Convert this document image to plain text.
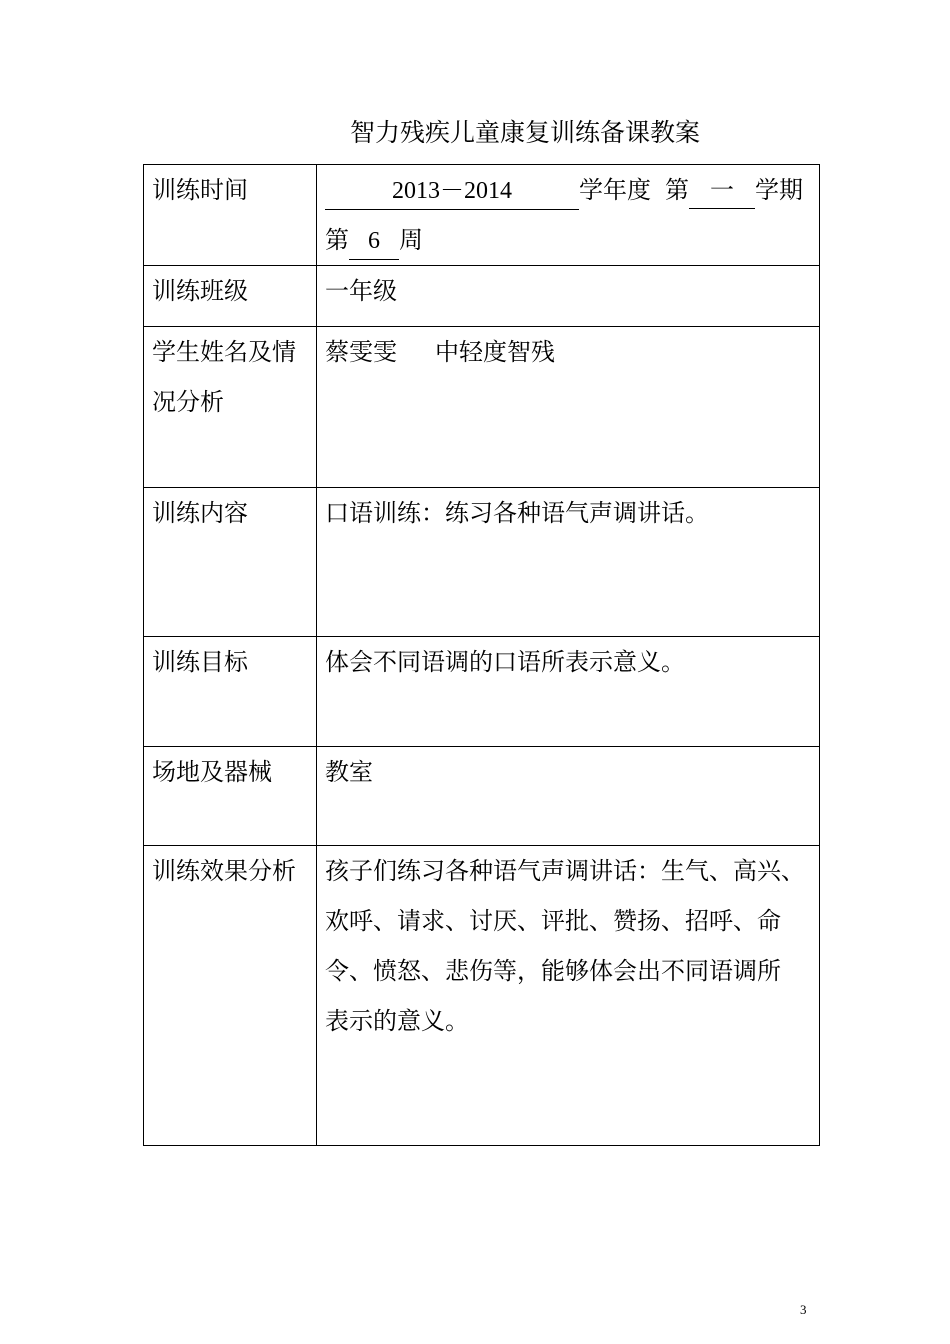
智力残疾儿童康复训练备课教案
训练时间	2013－2014 学年度 第 一 学期
第 6 周

训练班级	一年级

学生姓名及情
况分析	蔡雯雯 中轻度智残
训练内容	口语训练：练习各种语气声调讲话。
训练目标	体会不同语调的口语所表示意义。
场地及器械	教室
训练效果分析	孩子们练习各种语气声调讲话：生气、高兴、
欢呼、请求、讨厌、评批、赞扬、招呼、命
令、愤怒、悲伤等，能够体会出不同语调所
表示的意义。
3
